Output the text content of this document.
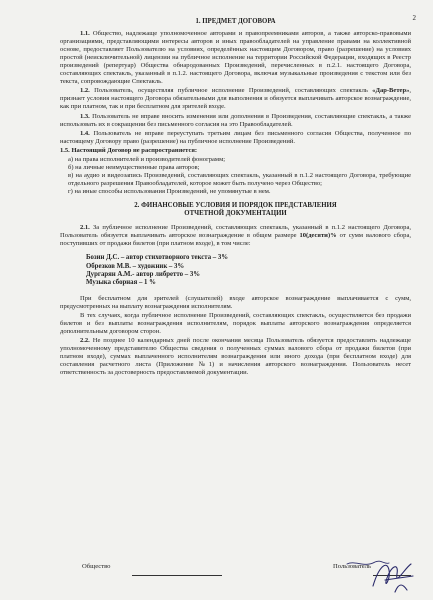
2
1. ПРЕДМЕТ ДОГОВОРА

1.1. Общество, надлежаще уполномоченное авторами и правопреемниками авторов, а также авторско-правовыми организациями, представляющими интересы авторов и иных правообладателей на управление правами на коллективной основе, предоставляет Пользователю на условиях, определённых настоящим Договором, право (разрешение) на условиях простой (неисключительной) лицензии на публичное исполнение на территории Российской Федерации, входящих в Реестр произведений (репертуар) Общества обнародованных Произведений, перечисленных в п.2.1. настоящего Договора, составляющих спектакль, указанный в п.1.2. настоящего Договора, включая музыкальные произведения с текстом или без текста, сопровождающие Спектакль.

1.2. Пользователь, осуществляя публичное исполнение Произведений, составляющих спектакль «Дар-Ветер», признает условия настоящего Договора обязательными для выполнения и обязуется выплачивать авторское вознаграждение, как при платном, так и при бесплатном для зрителей входе.

1.3. Пользователь не вправе вносить изменения или дополнения в Произведения, составляющие спектакль, а также использовать их в сокращении без письменного согласия на это Правообладателей.

1.4. Пользователь не вправе переуступать третьим лицам без письменного согласия Общества, полученное по настоящему Договору право (разрешение) на публичное исполнение Произведений.

1.5. Настоящий Договор не распространяется:

а) на права исполнителей и производителей фонограмм;

б) на личные неимущественные права авторов;

в) на аудио и видеозапись Произведений, составляющих спектакль, указанный в п.1.2 настоящего Договора, требующие отдельного разрешения Правообладателей, которое может быть получено через Общество;

г) на иные способы использования Произведений, не упомянутые в нем.

2. ФИНАНСОВЫЕ УСЛОВИЯ И ПОРЯДОК ПРЕДСТАВЛЕНИЯ
ОТЧЕТНОЙ ДОКУМЕНТАЦИИ

2.1. За публичное исполнение Произведений, составляющих спектакль, указанный в п.1.2 настоящего Договора, Пользователь обязуется выплачивать авторское вознаграждение в общем размере 10(десяти)% от сумм валового сбора, поступивших от продажи билетов (при платном входе), в том числе:

Бозин Д.С. – автор стихотворного текста – 3%
Обрезков М.В. – художник – 3%
Дургарян А.М.- автор либретто – 3%
Музыка сборная – 1 %

При бесплатном для зрителей (слушателей) входе авторское вознаграждение выплачивается с сумм, предусмотренных на выплату вознаграждения исполнителям.

В тех случаях, когда публичное исполнение Произведений, составляющих спектакль, осуществляется без продажи билетов и без выплаты вознаграждения исполнителям, порядок выплаты авторского вознаграждения определяется дополнительным договором сторон.

2.2. Не позднее 10 календарных дней после окончания месяца Пользователь обязуется предоставлять надлежаще уполномоченному представителю Общества сведения о полученных суммах валового сбора от продажи билетов (при платном входе), суммах выплаченного исполнителям вознаграждения или иного дохода (при бесплатном входе) для составления расчетного листа (Приложение №1) и начисления авторского вознаграждения. Пользователь несет ответственность за достоверность предоставляемой документации.

Общество	Пользователь
